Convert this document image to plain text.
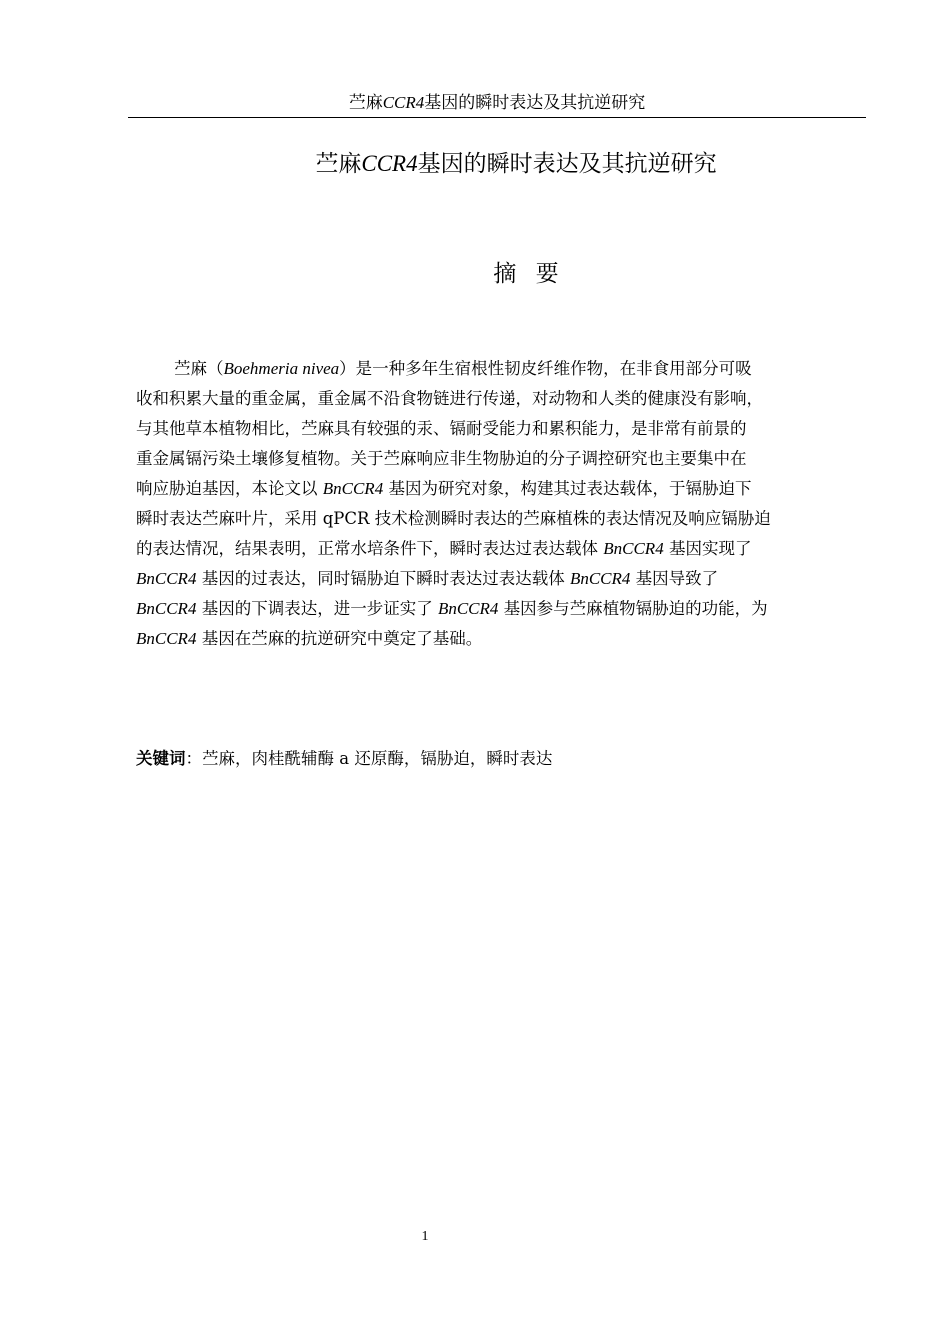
苎麻CCR4基因的瞬时表达及其抗逆研究
苎麻CCR4基因的瞬时表达及其抗逆研究
摘 要
苎麻（Boehmeria nivea）是一种多年生宿根性韧皮纤维作物，在非食用部分可吸
收和积累大量的重金属，重金属不沿食物链进行传递，对动物和人类的健康没有影响，
与其他草本植物相比，苎麻具有较强的汞、镉耐受能力和累积能力，是非常有前景的
重金属镉污染土壤修复植物。关于苎麻响应非生物胁迫的分子调控研究也主要集中在
响应胁迫基因，本论文以 BnCCR4 基因为研究对象，构建其过表达载体，于镉胁迫下
瞬时表达苎麻叶片，采用 qPCR 技术检测瞬时表达的苎麻植株的表达情况及响应镉胁迫
的表达情况，结果表明，正常水培条件下，瞬时表达过表达载体 BnCCR4 基因实现了
BnCCR4 基因的过表达，同时镉胁迫下瞬时表达过表达载体 BnCCR4 基因导致了
BnCCR4 基因的下调表达，进一步证实了 BnCCR4 基因参与苎麻植物镉胁迫的功能，为
BnCCR4 基因在苎麻的抗逆研究中奠定了基础。
关键词：苎麻，肉桂酰辅酶 a 还原酶，镉胁迫，瞬时表达
1
